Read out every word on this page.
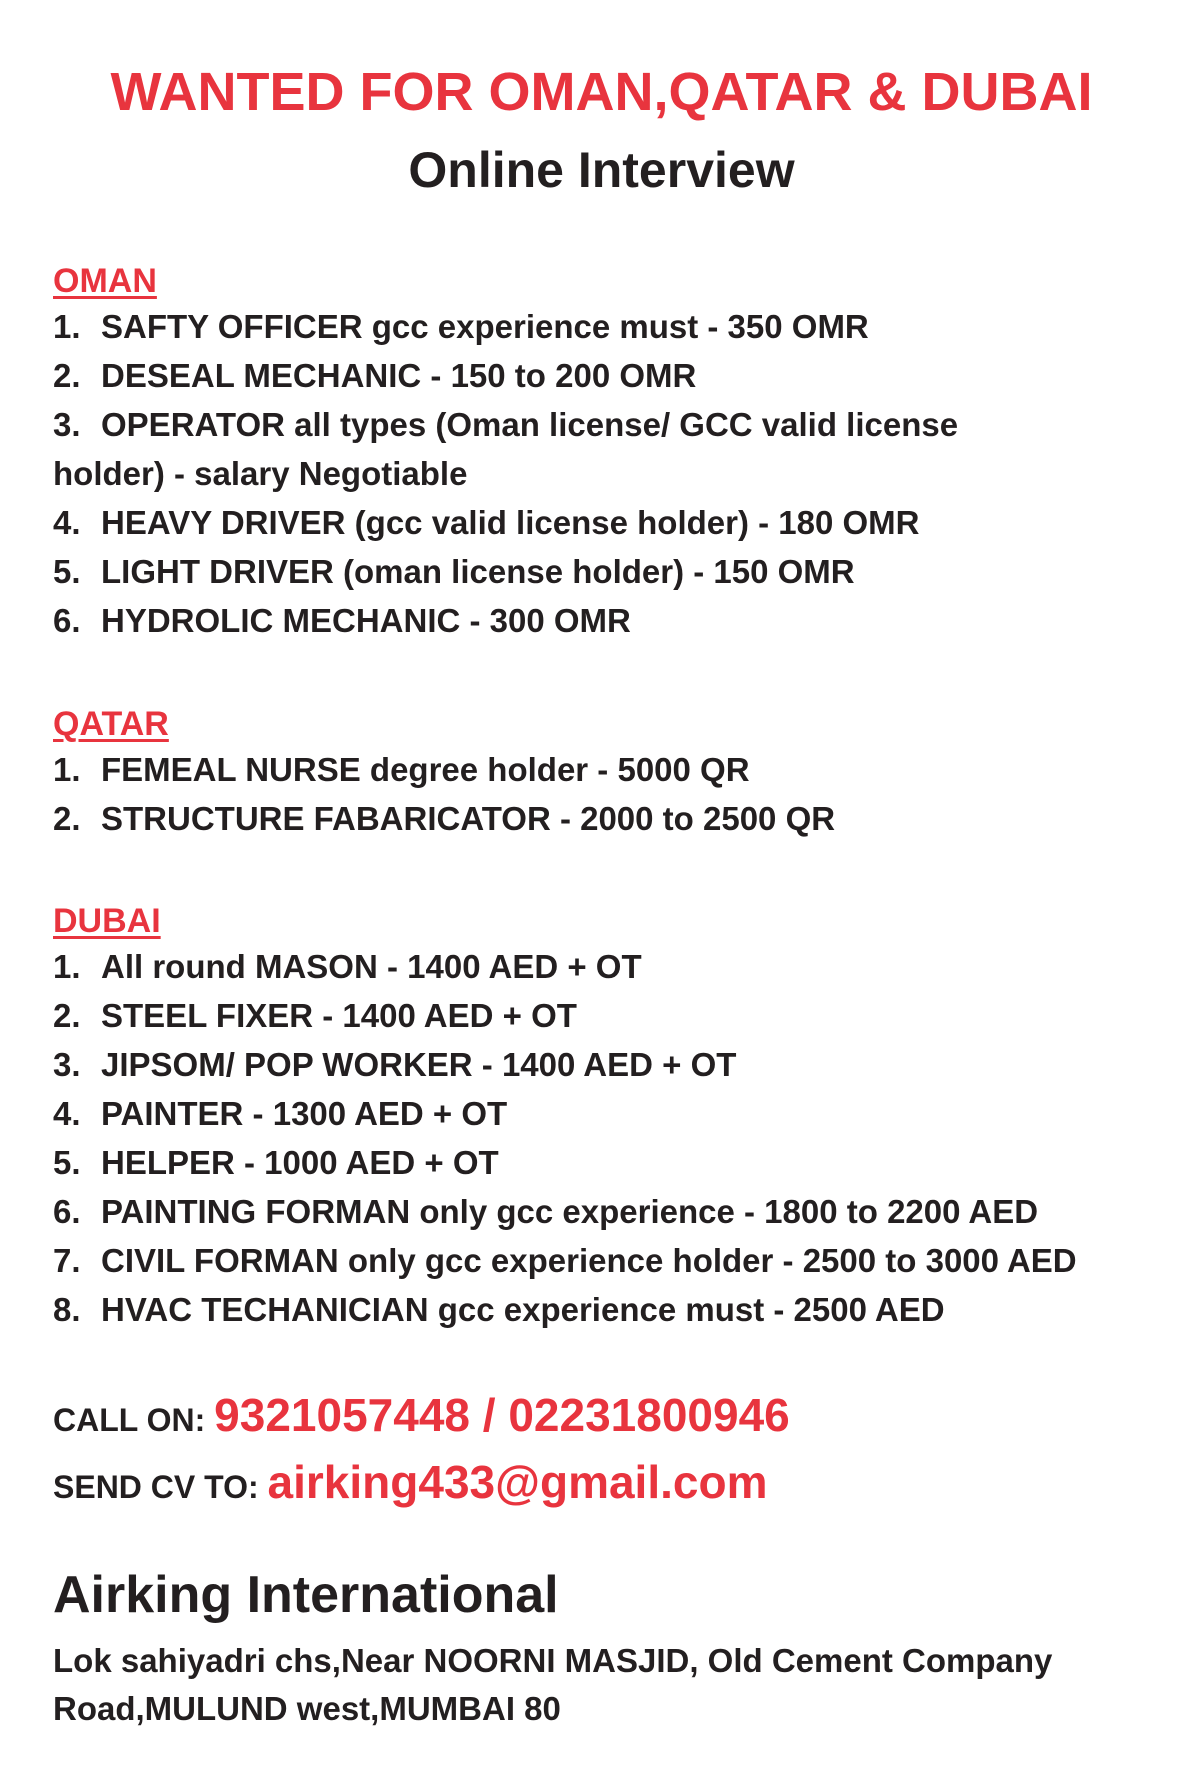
WANTED FOR OMAN,QATAR & DUBAI
Online Interview
OMAN
1. SAFTY OFFICER gcc experience must - 350 OMR
2. DESEAL MECHANIC - 150 to 200 OMR
3. OPERATOR all types (Oman license/ GCC valid license
holder) - salary Negotiable
4. HEAVY DRIVER (gcc valid license holder) - 180 OMR
5. LIGHT DRIVER (oman license holder) - 150 OMR
6. HYDROLIC MECHANIC - 300 OMR
QATAR
1. FEMEAL NURSE degree holder - 5000 QR
2. STRUCTURE FABARICATOR - 2000 to 2500 QR
DUBAI
1. All round MASON - 1400 AED + OT
2. STEEL FIXER - 1400 AED + OT
3. JIPSOM/ POP WORKER - 1400 AED + OT
4. PAINTER - 1300 AED + OT
5. HELPER - 1000 AED + OT
6. PAINTING FORMAN only gcc experience - 1800 to 2200 AED
7. CIVIL FORMAN only gcc experience holder - 2500 to 3000 AED
8. HVAC TECHANICIAN gcc experience must - 2500 AED
CALL ON: 9321057448 / 02231800946
SEND CV TO: airking433@gmail.com
Airking International
Lok sahiyadri chs,Near NOORNI MASJID, Old Cement Company
Road,MULUND west,MUMBAI 80
